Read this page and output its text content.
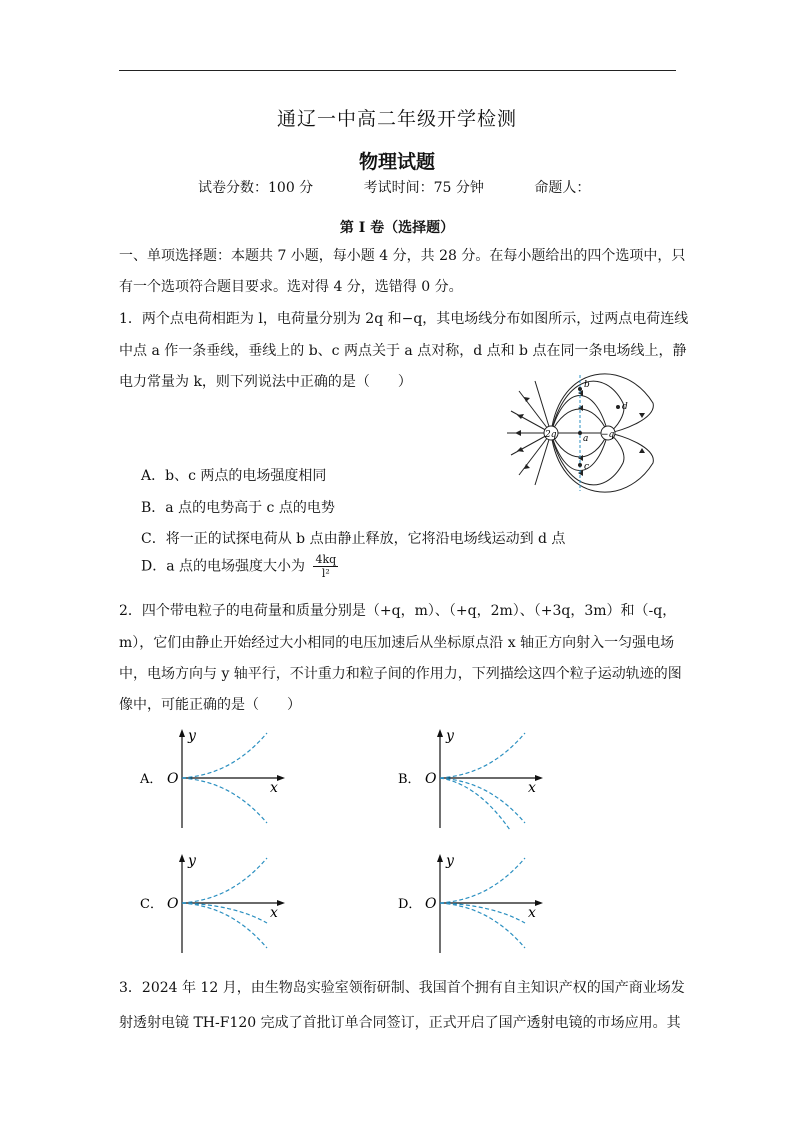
通辽一中高二年级开学检测
物理试题
试卷分数：100 分	考试时间：75 分钟	命题人：
第 I 卷（选择题）
一、单项选择题：本题共 7 小题，每小题 4 分，共 28 分。在每小题给出的四个选项中，只
有一个选项符合题目要求。选对得 4 分，选错得 0 分。
1．两个点电荷相距为 l，电荷量分别为 2q 和−q，其电场线分布如图所示，过两点电荷连线
中点 a 作一条垂线，垂线上的 b、c 两点关于 a 点对称，d 点和 b 点在同一条电场线上，静
电力常量为 k，则下列说法中正确的是（　　）
2q	−q
a
b
c
d
A．b、c 两点的电场强度相同
B．a 点的电势高于 c 点的电势
C．将一正的试探电荷从 b 点由静止释放，它将沿电场线运动到 d 点
D．a 点的电场强度大小为 $\frac{4kq}{\text{l²}}$
2．四个带电粒子的电荷量和质量分别是（+q，m）、（+q，2m）、（+3q，3m）和（-q，
m），它们由静止开始经过大小相同的电压加速后从坐标原点沿 x 轴正方向射入一匀强电场
中，电场方向与 y 轴平行，不计重力和粒子间的作用力，下列描绘这四个粒子运动轨迹的图
像中，可能正确的是（　　）
A． O
x
y
B． O
x
y
C． O
x
y
D． O
x
y
3．2024 年 12 月，由生物岛实验室领衔研制、我国首个拥有自主知识产权的国产商业场发
射透射电镜 TH-F120 完成了首批订单合同签订，正式开启了国产透射电镜的市场应用。其
